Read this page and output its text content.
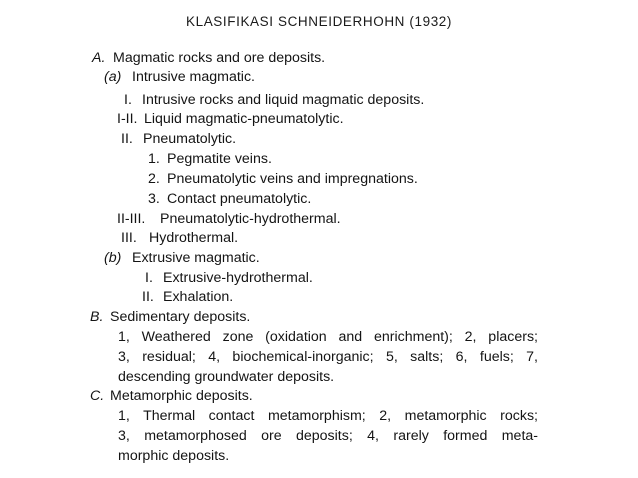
KLASIFIKASI SCHNEIDERHOHN (1932)
A. Magmatic rocks and ore deposits.
(a) Intrusive magmatic.
I. Intrusive rocks and liquid magmatic deposits.
I-II. Liquid magmatic-pneumatolytic.
II. Pneumatolytic.
1. Pegmatite veins.
2. Pneumatolytic veins and impregnations.
3. Contact pneumatolytic.
II-III. Pneumatolytic-hydrothermal.
III. Hydrothermal.
(b) Extrusive magmatic.
I. Extrusive-hydrothermal.
II. Exhalation.
B. Sedimentary deposits.
1, Weathered zone (oxidation and enrichment); 2, placers;
3, residual; 4, biochemical-inorganic; 5, salts; 6, fuels; 7,
descending groundwater deposits.
C. Metamorphic deposits.
1, Thermal contact metamorphism; 2, metamorphic rocks;
3, metamorphosed ore deposits; 4, rarely formed meta-
morphic deposits.
